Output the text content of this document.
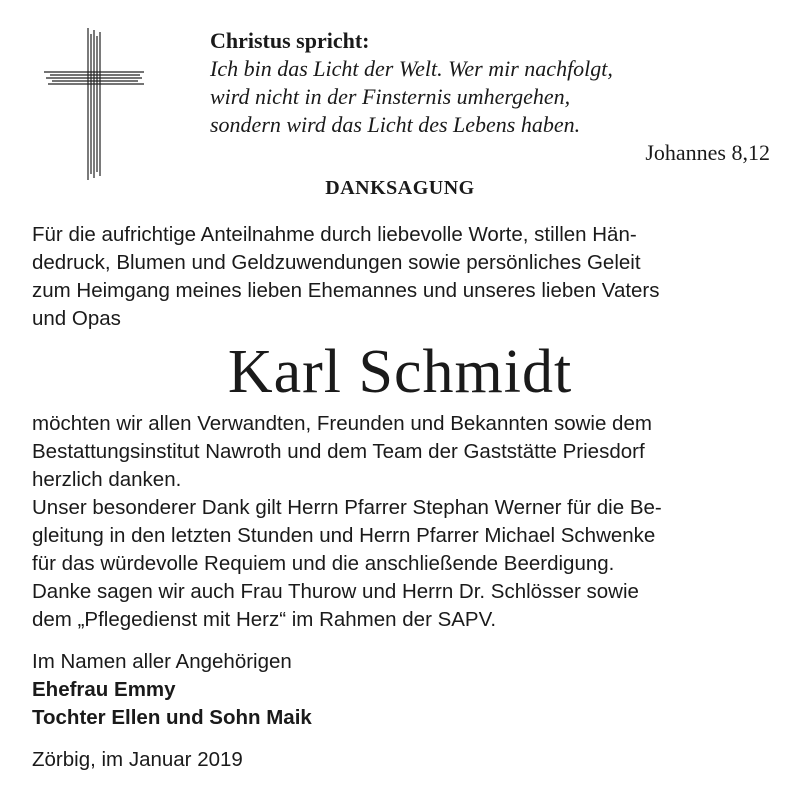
Christus spricht:
Ich bin das Licht der Welt. Wer mir nachfolgt,
wird nicht in der Finsternis umhergehen,
sondern wird das Licht des Lebens haben.
Johannes 8,12
DANKSAGUNG
Für die aufrichtige Anteilnahme durch liebevolle Worte, stillen Hän-
dedruck, Blumen und Geldzuwendungen sowie persönliches Geleit
zum Heimgang meines lieben Ehemannes und unseres lieben Vaters
und Opas
Karl Schmidt
möchten wir allen Verwandten, Freunden und Bekannten sowie dem
Bestattungsinstitut Nawroth und dem Team der Gaststätte Priesdorf
herzlich danken.
Unser besonderer Dank gilt Herrn Pfarrer Stephan Werner für die Be-
gleitung in den letzten Stunden und Herrn Pfarrer Michael Schwenke
für das würdevolle Requiem und die anschließende Beerdigung.
Danke sagen wir auch Frau Thurow und Herrn Dr. Schlösser sowie
dem „Pflegedienst mit Herz“ im Rahmen der SAPV.
Im Namen aller Angehörigen
Ehefrau Emmy
Tochter Ellen und Sohn Maik
Zörbig, im Januar 2019
